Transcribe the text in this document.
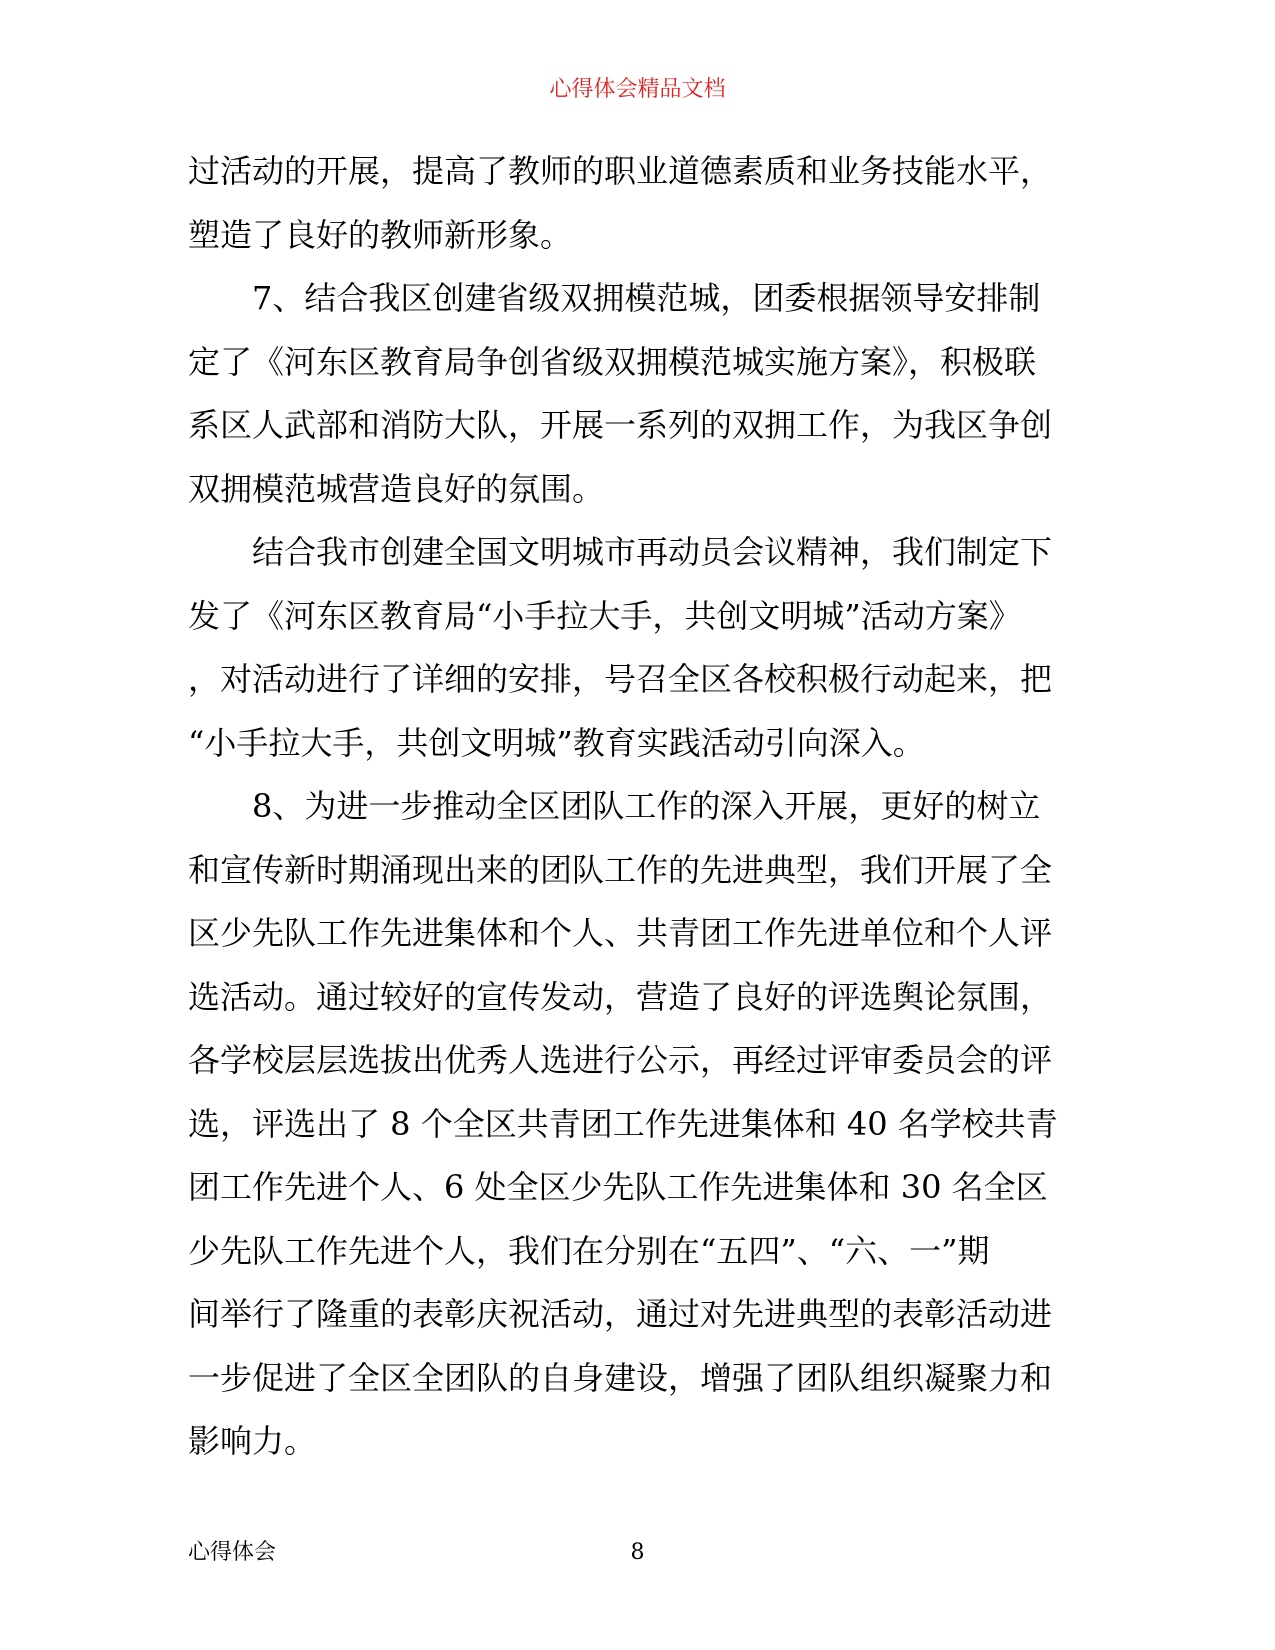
心得体会精品文档
过活动的开展，提高了教师的职业道德素质和业务技能水平，
塑造了良好的教师新形象。
　　7、结合我区创建省级双拥模范城，团委根据领导安排制
定了《河东区教育局争创省级双拥模范城实施方案》，积极联
系区人武部和消防大队，开展一系列的双拥工作，为我区争创
双拥模范城营造良好的氛围。
　　结合我市创建全国文明城市再动员会议精神，我们制定下
发了《河东区教育局“小手拉大手，共创文明城”活动方案》
，对活动进行了详细的安排，号召全区各校积极行动起来，把
“小手拉大手，共创文明城”教育实践活动引向深入。
　　8、为进一步推动全区团队工作的深入开展，更好的树立
和宣传新时期涌现出来的团队工作的先进典型，我们开展了全
区少先队工作先进集体和个人、共青团工作先进单位和个人评
选活动。通过较好的宣传发动，营造了良好的评选舆论氛围，
各学校层层选拔出优秀人选进行公示，再经过评审委员会的评
选，评选出了 8 个全区共青团工作先进集体和 40 名学校共青
团工作先进个人、6 处全区少先队工作先进集体和 30 名全区
少先队工作先进个人，我们在分别在“五四”、“六、一”期
间举行了隆重的表彰庆祝活动，通过对先进典型的表彰活动进
一步促进了全区全团队的自身建设，增强了团队组织凝聚力和
影响力。
心得体会	8
